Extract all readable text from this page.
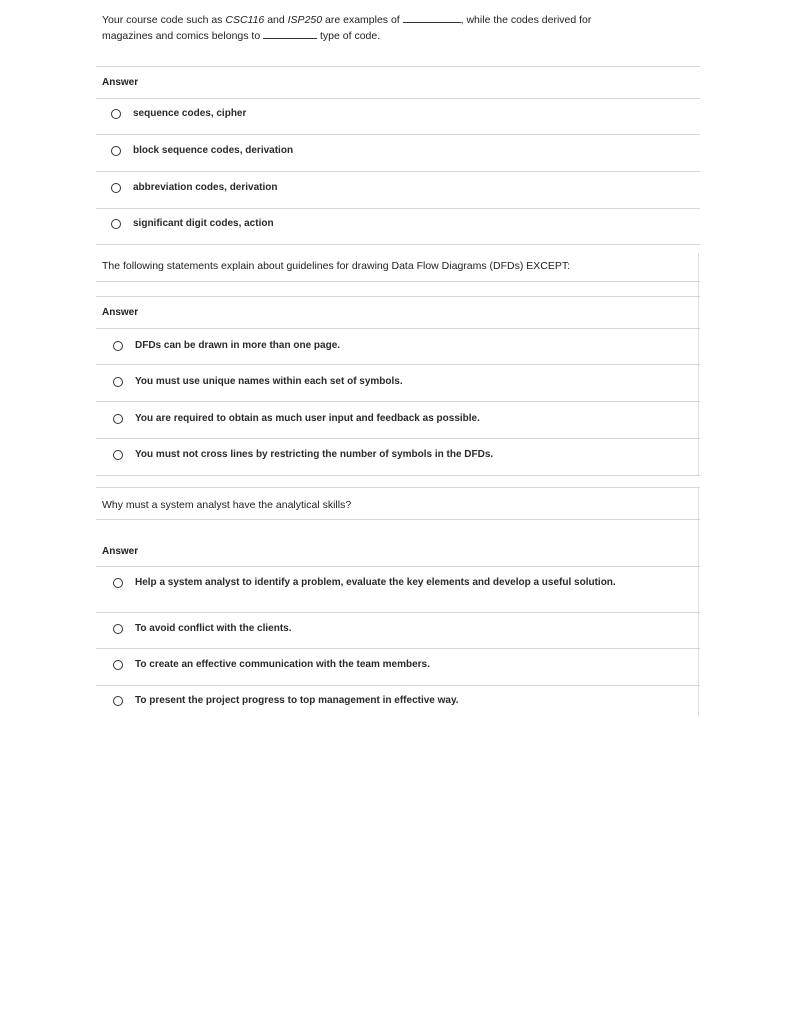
Your course code such as CSC116 and ISP250 are examples of	, while the codes derived for
magazines and comics belongs to	type of code.
Answer
sequence codes, cipher
block sequence codes, derivation
abbreviation codes, derivation
significant digit codes, action
The following statements explain about guidelines for drawing Data Flow Diagrams (DFDs) EXCEPT:
Answer
DFDs can be drawn in more than one page.
You must use unique names within each set of symbols.
You are required to obtain as much user input and feedback as possible.
You must not cross lines by restricting the number of symbols in the DFDs.
Why must a system analyst have the analytical skills?
Answer
Help a system analyst to identify a problem, evaluate the key elements and develop a useful solution.
To avoid conflict with the clients.
To create an effective communication with the team members.
To present the project progress to top management in effective way.
